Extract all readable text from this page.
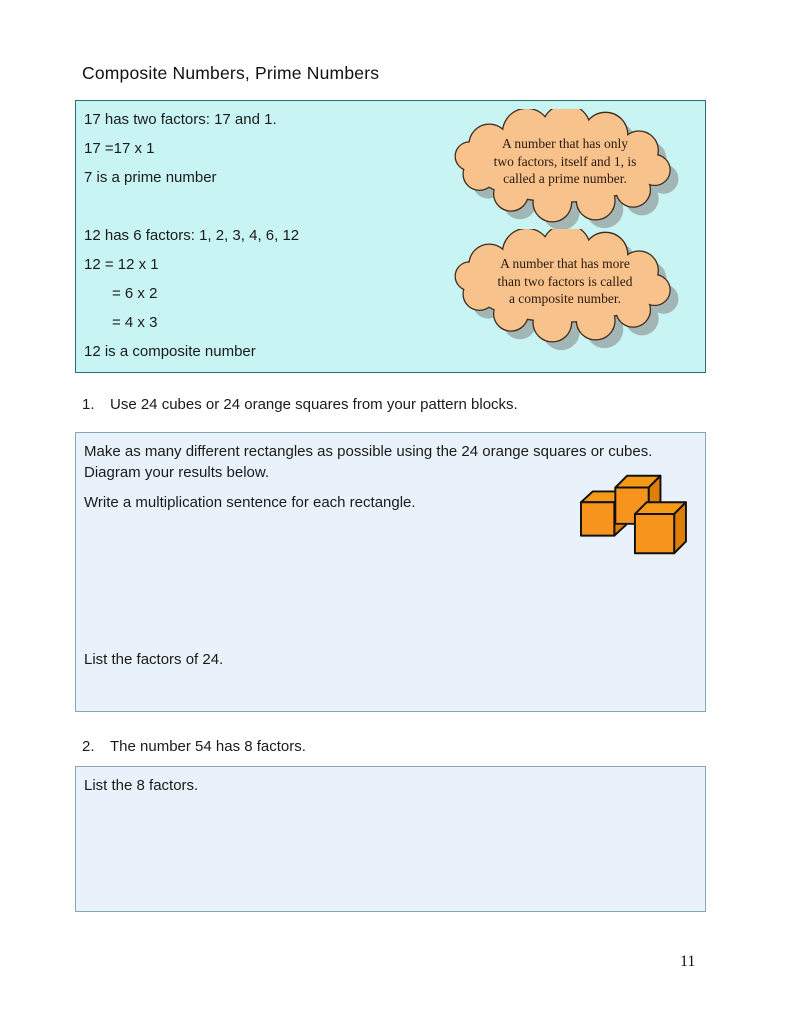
Composite Numbers, Prime Numbers
17 has two factors: 17 and 1.
17 =17 x 1
7 is a prime number
12 has 6 factors: 1, 2, 3, 4, 6, 12
12 = 12 x 1
= 6 x 2
= 4 x 3
12 is a composite number
A number that has only
two factors, itself and 1, is
called a prime number.
A number that has more
than two factors is called
a composite number.
1.	Use 24 cubes or 24 orange squares from your pattern blocks.

Make as many different rectangles as possible using the 24 orange squares or cubes.

Diagram your results below.

Write a multiplication sentence for each rectangle.

List the factors of 24.
2.	The number 54 has 8 factors.

List the 8 factors.

11
